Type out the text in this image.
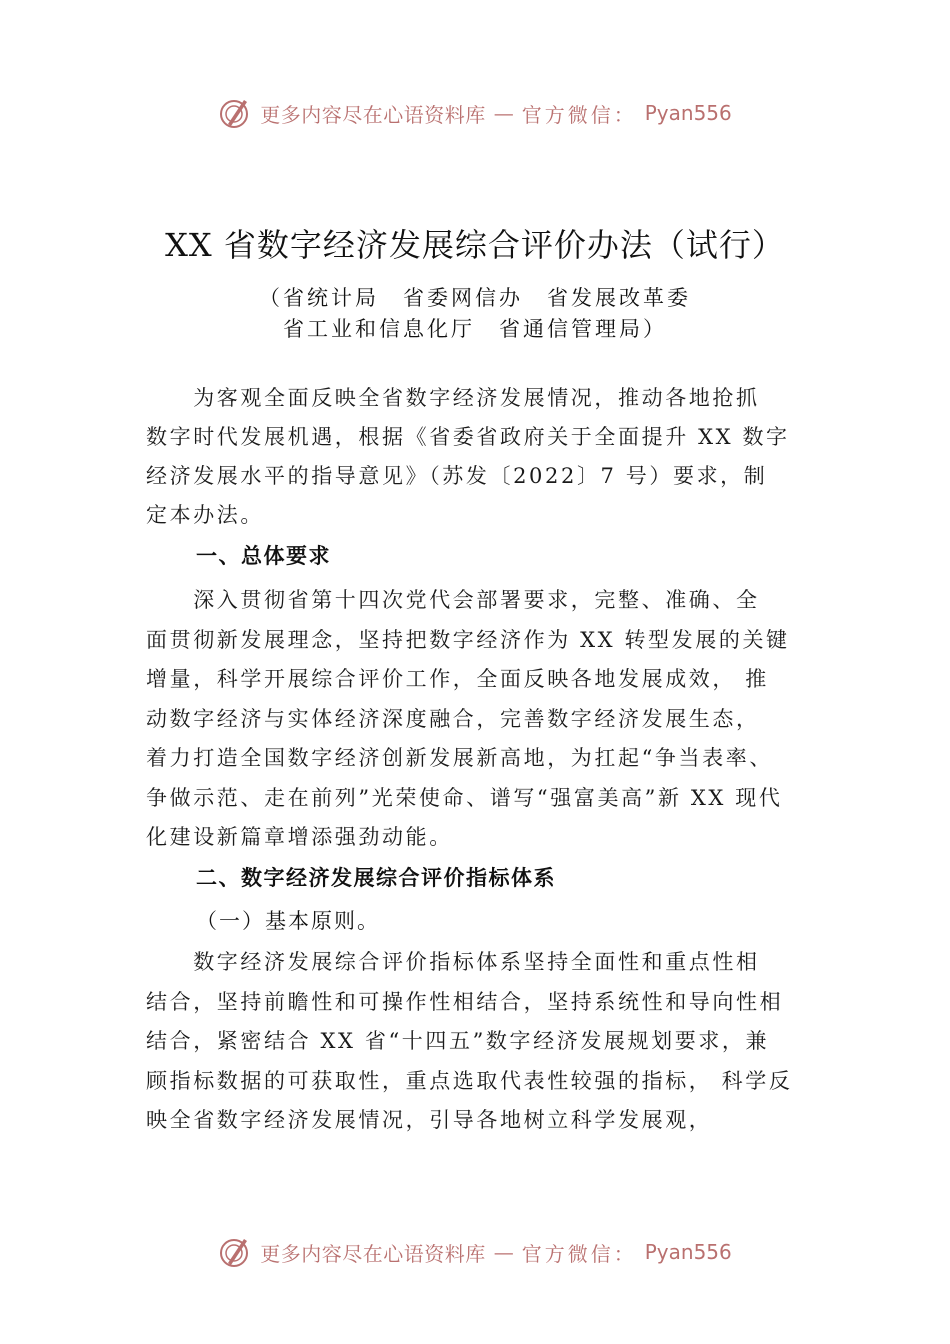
更多内容尽在心语资料库 — 官方微信： Pyan556
XX 省数字经济发展综合评价办法（试行）
（省统计局　省委网信办　省发展改革委
省工业和信息化厅　省通信管理局）
　　为客观全面反映全省数字经济发展情况，推动各地抢抓
数字时代发展机遇，根据《省委省政府关于全面提升 XX 数字
经济发展水平的指导意见》（苏发〔2022〕7 号）要求，制
定本办法。
一、总体要求
　　深入贯彻省第十四次党代会部署要求，完整、准确、全
面贯彻新发展理念，坚持把数字经济作为 XX 转型发展的关键
增量，科学开展综合评价工作，全面反映各地发展成效， 推
动数字经济与实体经济深度融合，完善数字经济发展生态，
着力打造全国数字经济创新发展新高地，为扛起“争当表率、
争做示范、走在前列”光荣使命、谱写“强富美高”新 XX 现代
化建设新篇章增添强劲动能。
二、数字经济发展综合评价指标体系
（一）基本原则。
　　数字经济发展综合评价指标体系坚持全面性和重点性相
结合，坚持前瞻性和可操作性相结合，坚持系统性和导向性相
结合，紧密结合 XX 省“十四五”数字经济发展规划要求，兼
顾指标数据的可获取性，重点选取代表性较强的指标， 科学反
映全省数字经济发展情况，引导各地树立科学发展观，
更多内容尽在心语资料库 — 官方微信： Pyan556
